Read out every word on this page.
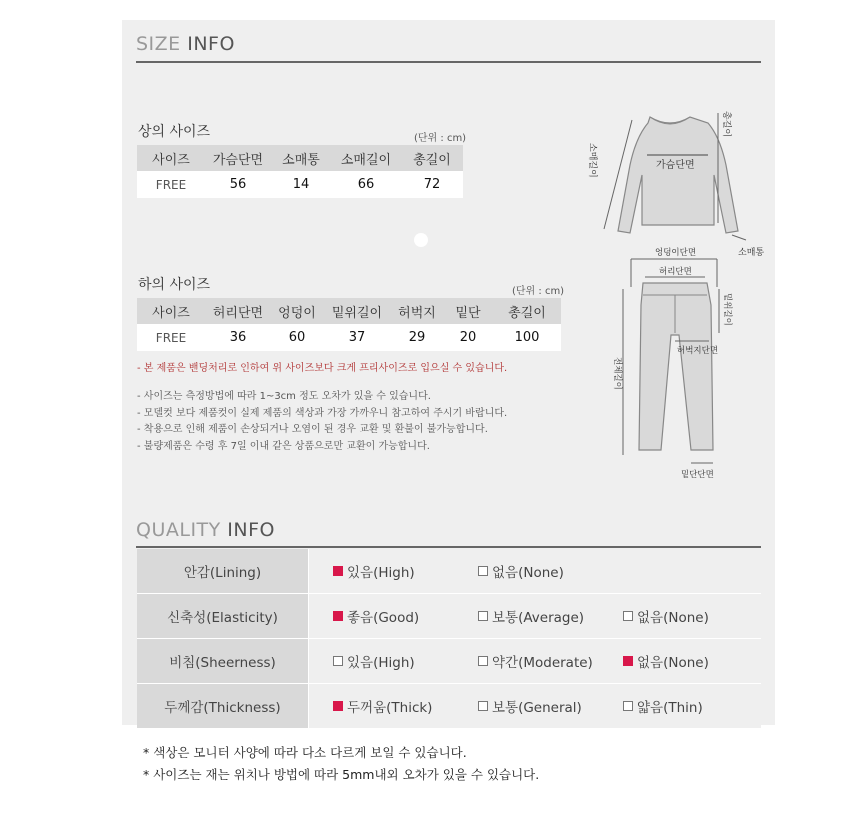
SIZE INFO
상의 사이즈	(단위 : cm)
사이즈	가슴단면	소매통	소매길이	총길이
FREE	56	14	66	72
가슴단면
소매길이
총길이
소매통
하의 사이즈	(단위 : cm)
사이즈	허리단면	엉덩이	밑위길이	허벅지	밑단	총길이
FREE	36	60	37	29	20	100
- 본 제품은 밴딩처리로 인하여 위 사이즈보다 크게 프리사이즈로 입으실 수 있습니다.
- 사이즈는 측정방법에 따라 1~3cm 정도 오차가 있을 수 있습니다.
- 모델컷 보다 제품컷이 실제 제품의 색상과 가장 가까우니 참고하여 주시기 바랍니다.
- 착용으로 인해 제품이 손상되거나 오염이 된 경우 교환 및 환불이 불가능합니다.
- 불량제품은 수령 후 7일 이내 같은 상품으로만 교환이 가능합니다.
엉덩이단면
허리단면
밑위길이
허벅지단면
전체길이
밑단단면
QUALITY INFO
안감(Lining)	있음(High) 없음(None)

신축성(Elasticity)	좋음(Good) 보통(Average) 없음(None)

비침(Sheerness)	있음(High) 약간(Moderate) 없음(None)

두께감(Thickness)	두꺼움(Thick) 보통(General) 얇음(Thin)
* 색상은 모니터 사양에 따라 다소 다르게 보일 수 있습니다.
* 사이즈는 재는 위치나 방법에 따라 5mm내외 오차가 있을 수 있습니다.
